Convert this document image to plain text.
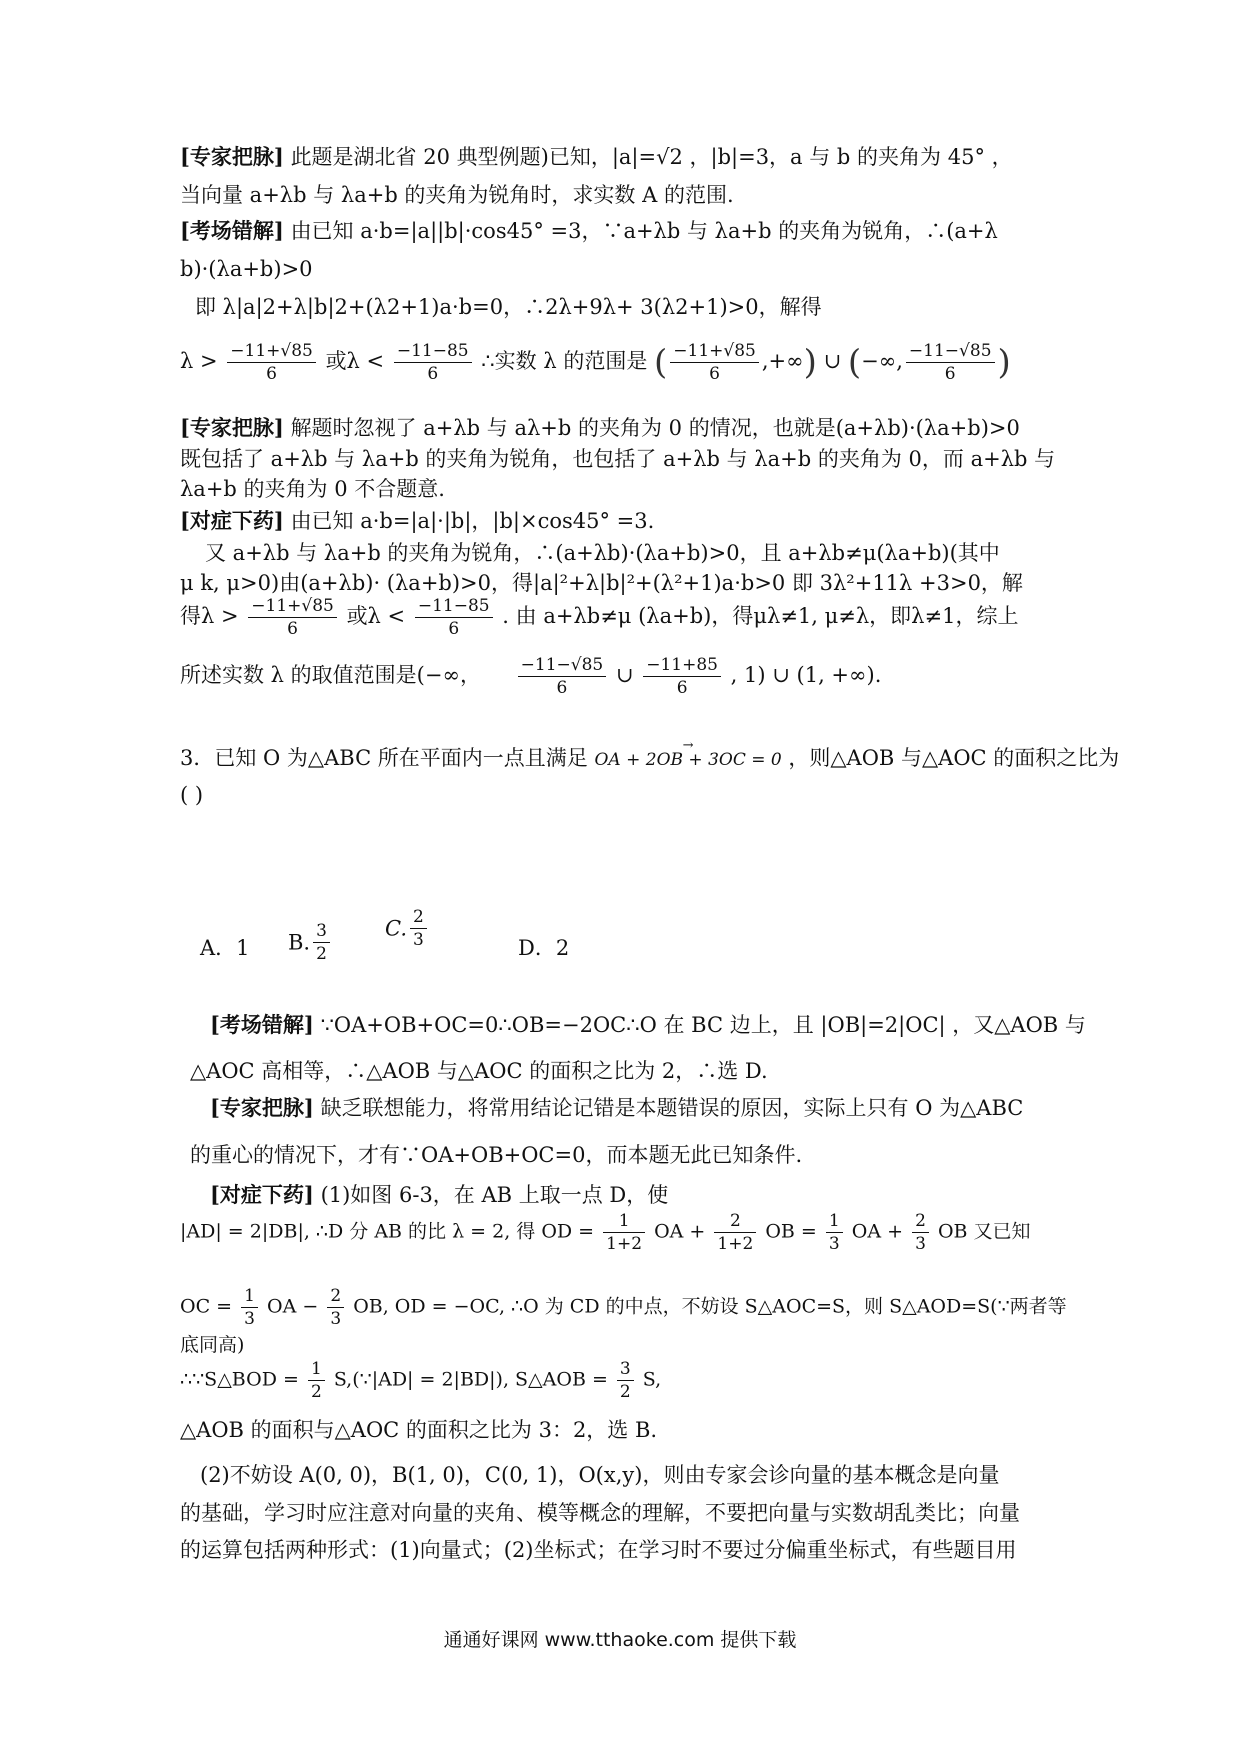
[专家把脉] 此题是湖北省 20 典型例题)已知，|a|=√2 ，|b|=3，a 与 b 的夹角为 45° ，
当向量 a+λb 与 λa+b 的夹角为锐角时，求实数 A 的范围.
[考场错解] 由已知 a·b=|a||b|·cos45° =3，∵a+λb 与 λa+b 的夹角为锐角，∴(a+λ
b)·(λa+b)>0
即 λ|a|2+λ|b|2+(λ2+1)a·b=0，∴2λ+9λ+ 3(λ2+1)>0，解得
$\lambda > \frac{-11+√85}{6}$ 或$\lambda < \frac{-11-85}{6}$ ∴实数 λ 的范围是 ( $\frac{-11+√85}{6}$ ,+∞) ∪ (−∞, $\frac{-11-√85}{6}$ )
[专家把脉] 解题时忽视了 a+λb 与 aλ+b 的夹角为 0 的情况，也就是(a+λb)·(λa+b)>0
既包括了 a+λb 与 λa+b 的夹角为锐角，也包括了 a+λb 与 λa+b 的夹角为 0，而 a+λb 与
λa+b 的夹角为 0 不合题意.
[对症下药] 由已知 a·b=|a|·|b|，|b|×cos45° =3.
又 a+λb 与 λa+b 的夹角为锐角，∴(a+λb)·(λa+b)>0，且 a+λb≠μ(λa+b)(其中
μ k, μ>0)由(a+λb)· (λa+b)>0，得|a|²+λ|b|²+(λ²+1)a·b>0 即 3λ²+11λ +3>0，解
得$\lambda > \frac{-11+√85}{6}$ 或$\lambda < \frac{-11-85}{6}$ . 由 a+λb≠μ (λa+b)，得μλ≠1, μ≠λ，即λ≠1，综上
所述实数 λ 的取值范围是(−∞， $\frac{-11-√85}{6}$ ∪ $\frac{-11+85}{6}$ , 1) ∪ (1, +∞).
3．已知 O 为△ABC 所在平面内一点且满足 → OA + 2OB + 3OC = 0 ，则△AOB 与△AOC 的面积之比为
( )
A．1 B. $\frac{3}{2}$	C. $\frac{2}{3}$	D．2
[考场错解] ∵OA+OB+OC=0∴OB=−2OC∴O 在 BC 边上，且 |OB|=2|OC| ，又△AOB 与
△AOC 高相等，∴△AOB 与△AOC 的面积之比为 2，∴选 D.
[专家把脉] 缺乏联想能力，将常用结论记错是本题错误的原因，实际上只有 O 为△ABC
的重心的情况下，才有∵OA+OB+OC=0，而本题无此已知条件.
[对症下药] (1)如图 6-3，在 AB 上取一点 D，使
|AD| = 2|DB|, ∴D 分 AB 的比 λ = 2, 得 OD = $\frac{1}{1+2}$ OA + $\frac{2}{1+2}$ OB = $\frac{1}{3}$ OA + $\frac{2}{3}$ OB 又已知
OC = $\frac{1}{3}$ OA − $\frac{2}{3}$ OB, OD = −OC, ∴O 为 CD 的中点，不妨设 S△AOC=S，则 S△AOD=S(∵两者等底同高)
∴∵S△BOD = $\frac{1}{2}$ S,(∵|AD| = 2|BD|), S△AOB = $\frac{3}{2} S$,
△AOB 的面积与△AOC 的面积之比为 3：2，选 B.
(2)不妨设 A(0, 0)，B(1, 0)，C(0, 1)，O(x,y)，则由专家会诊向量的基本概念是向量
的基础，学习时应注意对向量的夹角、模等概念的理解，不要把向量与实数胡乱类比；向量
的运算包括两种形式：(1)向量式；(2)坐标式；在学习时不要过分偏重坐标式，有些题目用
通通好课网 www.tthaoke.com 提供下载
